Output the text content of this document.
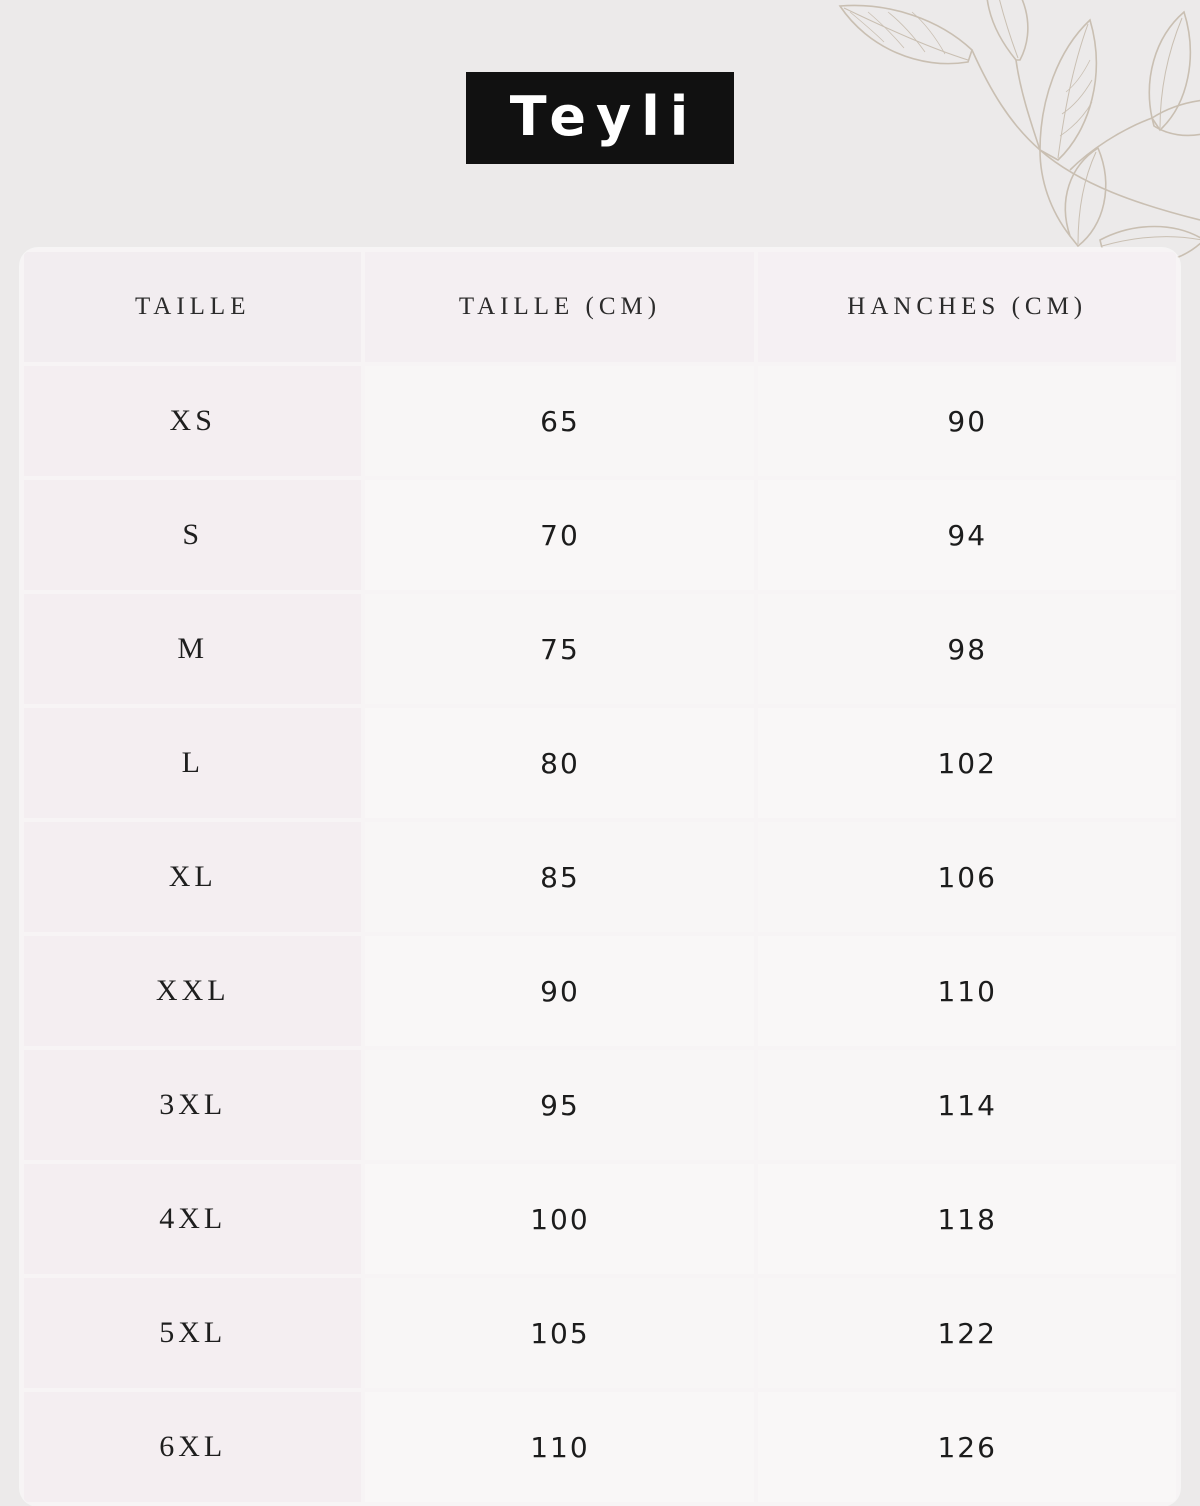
Teyli
TAILLE	TAILLE (CM)	HANCHES (CM)
XS	65	90
S	70	94
M	75	98
L	80	102
XL	85	106
XXL	90	110
3XL	95	114
4XL	100	118
5XL	105	122
6XL	110	126
